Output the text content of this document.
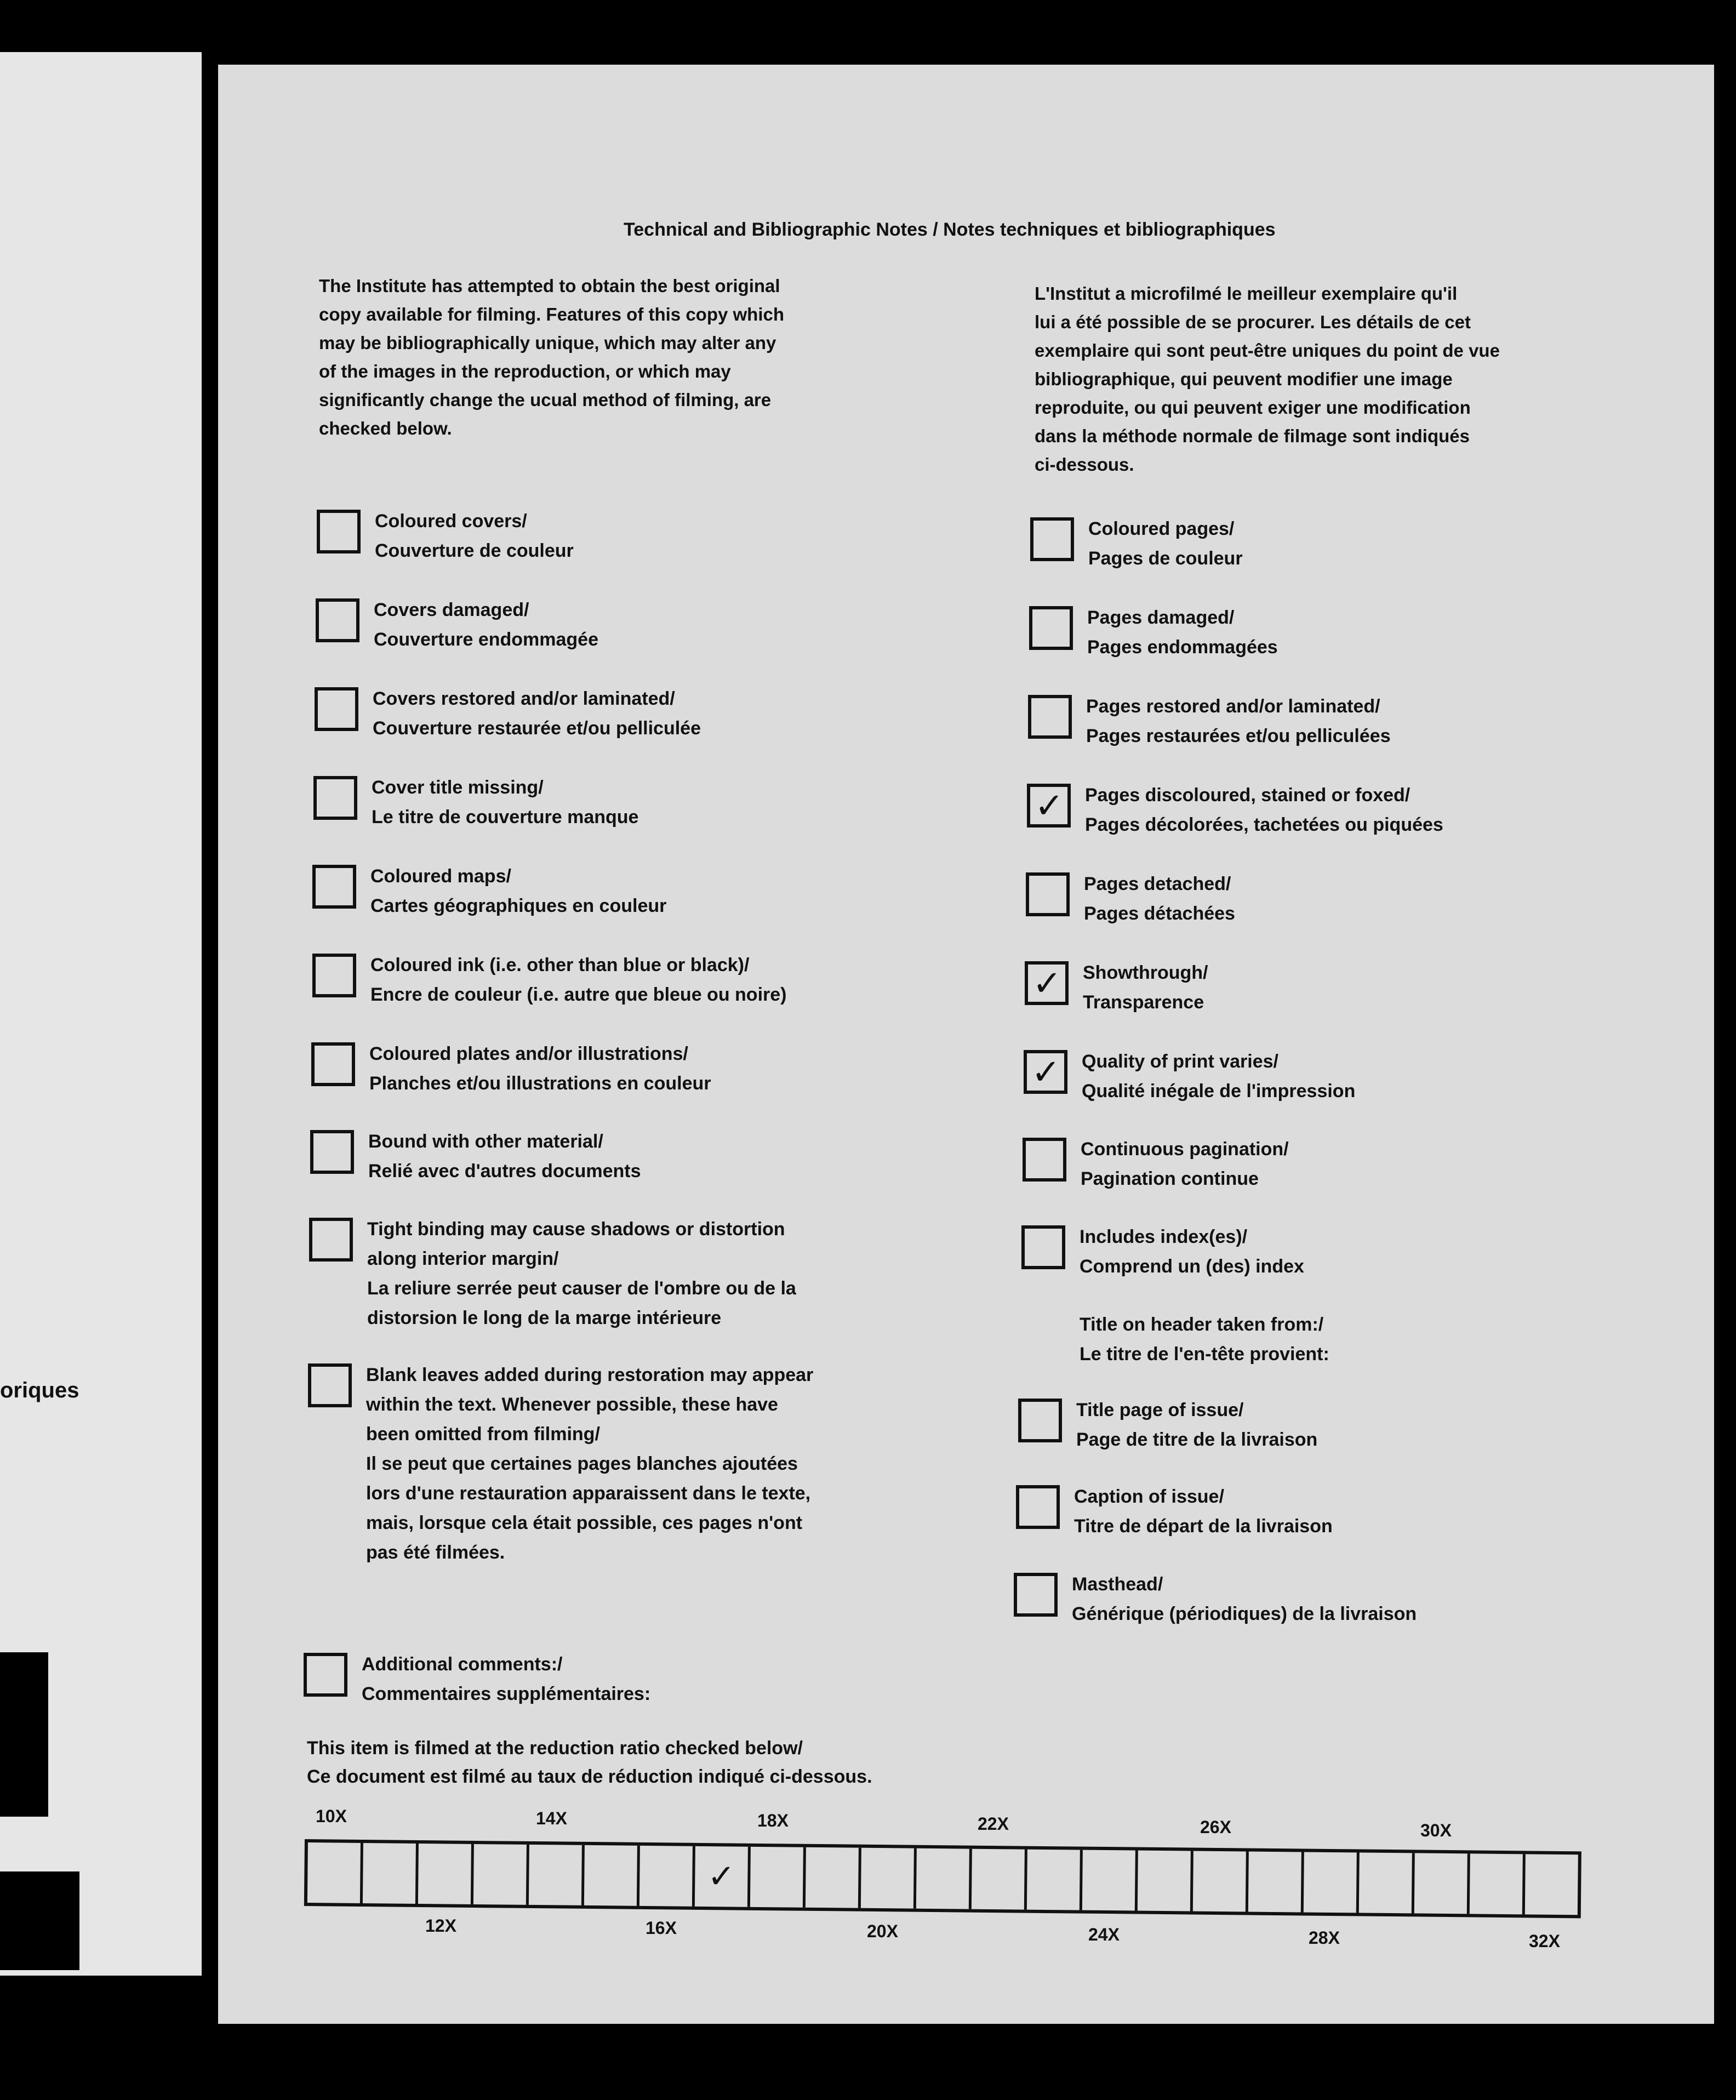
oriques
Technical and Bibliographic Notes / Notes techniques et bibliographiques
The Institute has attempted to obtain the best original
copy available for filming. Features of this copy which
may be bibliographically unique, which may alter any
of the images in the reproduction, or which may
significantly change the ucual method of filming, are
checked below.
L'Institut a microfilmé le meilleur exemplaire qu'il
lui a été possible de se procurer. Les détails de cet
exemplaire qui sont peut-être uniques du point de vue
bibliographique, qui peuvent modifier une image
reproduite, ou qui peuvent exiger une modification
dans la méthode normale de filmage sont indiqués
ci-dessous.
Coloured covers/
Couverture de couleur
Covers damaged/
Couverture endommagée
Covers restored and/or laminated/
Couverture restaurée et/ou pelliculée
Cover title missing/
Le titre de couverture manque
Coloured maps/
Cartes géographiques en couleur
Coloured ink (i.e. other than blue or black)/
Encre de couleur (i.e. autre que bleue ou noire)
Coloured plates and/or illustrations/
Planches et/ou illustrations en couleur
Bound with other material/
Relié avec d'autres documents
Tight binding may cause shadows or distortion
along interior margin/
La reliure serrée peut causer de l'ombre ou de la
distorsion le long de la marge intérieure
Blank leaves added during restoration may appear
within the text. Whenever possible, these have
been omitted from filming/
Il se peut que certaines pages blanches ajoutées
lors d'une restauration apparaissent dans le texte,
mais, lorsque cela était possible, ces pages n'ont
pas été filmées.
Coloured pages/
Pages de couleur
Pages damaged/
Pages endommagées
Pages restored and/or laminated/
Pages restaurées et/ou pelliculées
✓ Pages discoloured, stained or foxed/
Pages décolorées, tachetées ou piquées
Pages detached/
Pages détachées
✓ Showthrough/
Transparence
✓ Quality of print varies/
Qualité inégale de l'impression
Continuous pagination/
Pagination continue
Includes index(es)/
Comprend un (des) index
Title on header taken from:/
Le titre de l'en-tête provient:
Title page of issue/
Page de titre de la livraison
Caption of issue/
Titre de départ de la livraison
Masthead/
Générique (périodiques) de la livraison
Additional comments:/
Commentaires supplémentaires:
This item is filmed at the reduction ratio checked below/
Ce document est filmé au taux de réduction indiqué ci-dessous.
10X	14X	18X	22X	26X	30X
✓
12X	16X	20X	24X	28X	32X
